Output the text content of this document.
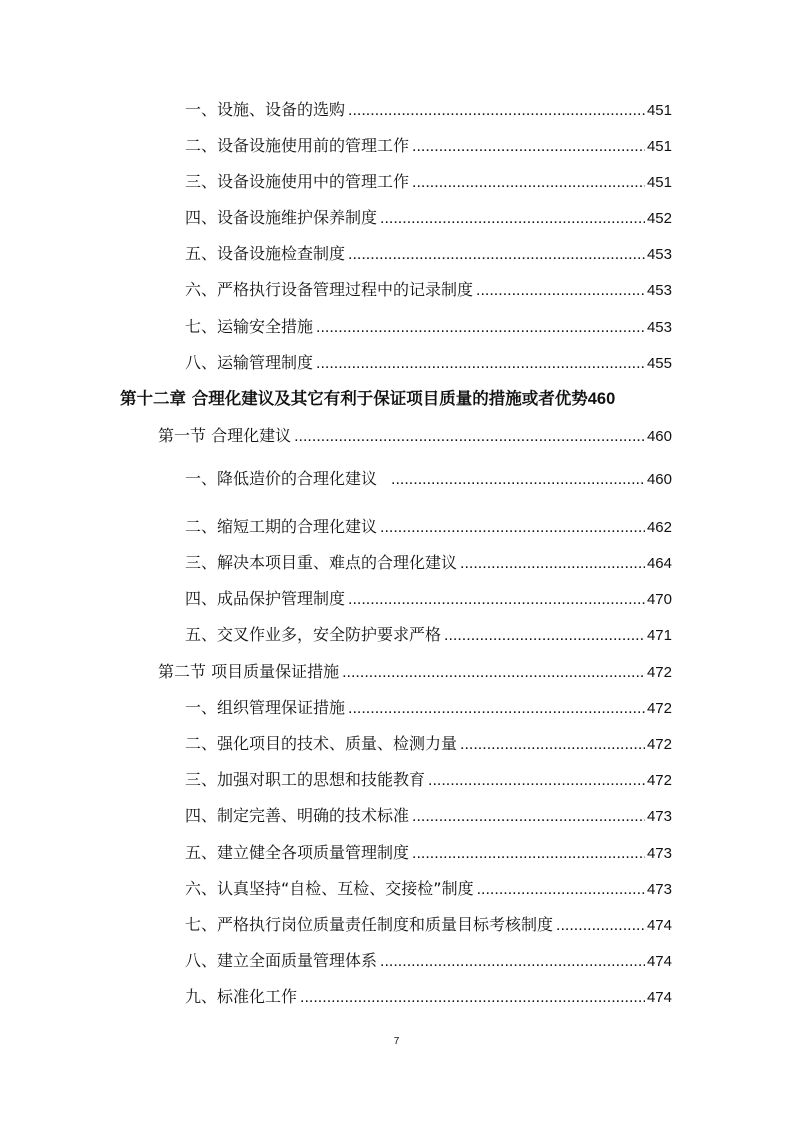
一、设施、设备的选购 .....	451
二、设备设施使用前的管理工作 .....	451
三、设备设施使用中的管理工作 .....	451
四、设备设施维护保养制度 .....	452
五、设备设施检查制度 .....	453
六、严格执行设备管理过程中的记录制度 .....	453
七、运输安全措施 .....	453
八、运输管理制度 .....	455
第十二章 合理化建议及其它有利于保证项目质量的措施或者优势 460
第一节 合理化建议 .....	460
一、降低造价的合理化建议 .....	460
二、缩短工期的合理化建议 .....	462
三、解决本项目重、难点的合理化建议 .....	464
四、成品保护管理制度 .....	470
五、交叉作业多，安全防护要求严格 .....	471
第二节 项目质量保证措施 .....	472
一、组织管理保证措施 .....	472
二、强化项目的技术、质量、检测力量 .....	472
三、加强对职工的思想和技能教育 .....	472
四、制定完善、明确的技术标准 .....	473
五、建立健全各项质量管理制度 .....	473
六、认真坚持“自检、互检、交接检”制度 .....	473
七、严格执行岗位质量责任制度和质量目标考核制度 .....	474
八、建立全面质量管理体系 .....	474
九、标准化工作 .....	474
7
